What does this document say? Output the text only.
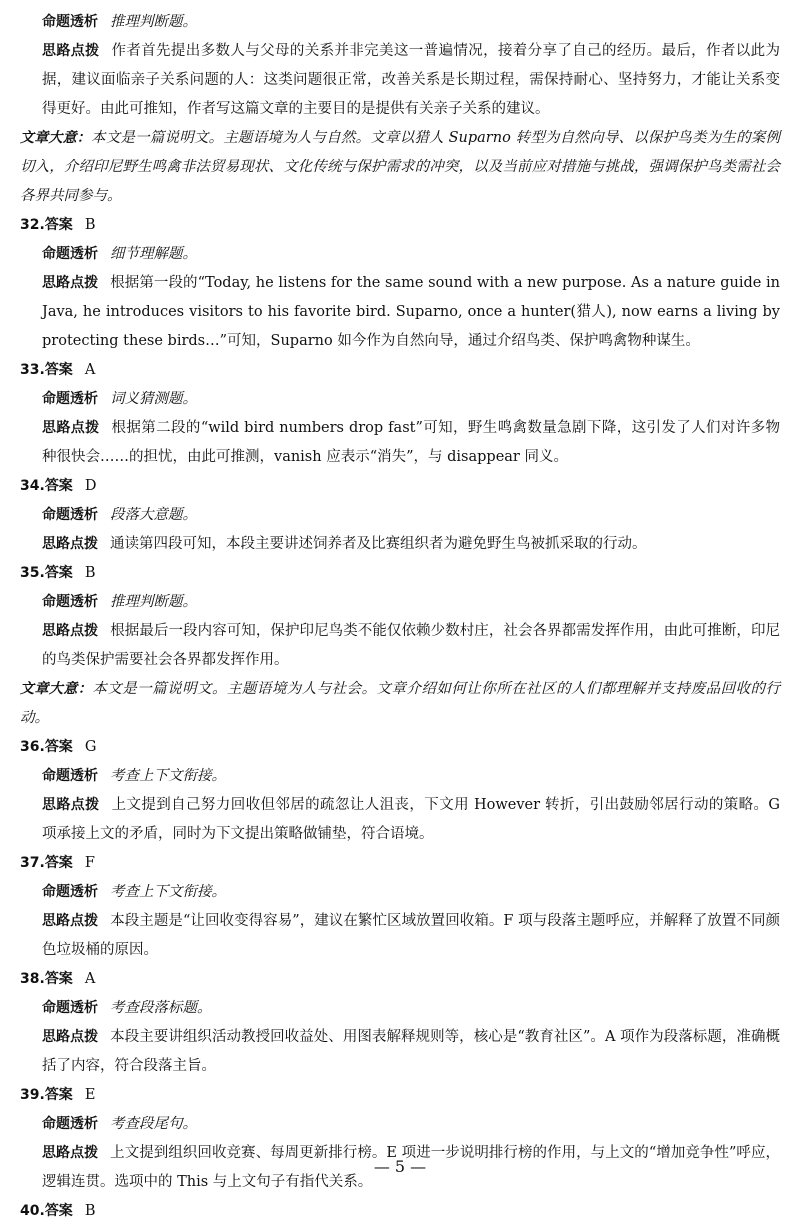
命题透析 推理判断题。
思路点拨 作者首先提出多数人与父母的关系并非完美这一普遍情况，接着分享了自己的经历。最后，作者以此为据，建议面临亲子关系问题的人：这类问题很正常，改善关系是长期过程，需保持耐心、坚持努力，才能让关系变得更好。由此可推知，作者写这篇文章的主要目的是提供有关亲子关系的建议。
文章大意：本文是一篇说明文。主题语境为人与自然。文章以猎人 Suparno 转型为自然向导、以保护鸟类为生的案例切入，介绍印尼野生鸣禽非法贸易现状、文化传统与保护需求的冲突，以及当前应对措施与挑战，强调保护鸟类需社会各界共同参与。
32.答案 B
命题透析 细节理解题。
思路点拨 根据第一段的“Today, he listens for the same sound with a new purpose. As a nature guide in Java, he introduces visitors to his favorite bird. Suparno, once a hunter(猎人), now earns a living by protecting these birds…”可知，Suparno 如今作为自然向导，通过介绍鸟类、保护鸣禽物种谋生。
33.答案 A
命题透析 词义猜测题。
思路点拨 根据第二段的“wild bird numbers drop fast”可知，野生鸣禽数量急剧下降，这引发了人们对许多物种很快会……的担忧，由此可推测，vanish 应表示“消失”，与 disappear 同义。
34.答案 D
命题透析 段落大意题。
思路点拨 通读第四段可知，本段主要讲述饲养者及比赛组织者为避免野生鸟被抓采取的行动。
35.答案 B
命题透析 推理判断题。
思路点拨 根据最后一段内容可知，保护印尼鸟类不能仅依赖少数村庄，社会各界都需发挥作用，由此可推断，印尼的鸟类保护需要社会各界都发挥作用。
文章大意：本文是一篇说明文。主题语境为人与社会。文章介绍如何让你所在社区的人们都理解并支持废品回收的行动。
36.答案 G
命题透析 考查上下文衔接。
思路点拨 上文提到自己努力回收但邻居的疏忽让人沮丧，下文用 However 转折，引出鼓励邻居行动的策略。G 项承接上文的矛盾，同时为下文提出策略做铺垫，符合语境。
37.答案 F
命题透析 考查上下文衔接。
思路点拨 本段主题是“让回收变得容易”，建议在繁忙区域放置回收箱。F 项与段落主题呼应，并解释了放置不同颜色垃圾桶的原因。
38.答案 A
命题透析 考查段落标题。
思路点拨 本段主要讲组织活动教授回收益处、用图表解释规则等，核心是“教育社区”。A 项作为段落标题，准确概括了内容，符合段落主旨。
39.答案 E
命题透析 考查段尾句。
思路点拨 上文提到组织回收竞赛、每周更新排行榜。E 项进一步说明排行榜的作用，与上文的“增加竞争性”呼应，逻辑连贯。选项中的 This 与上文句子有指代关系。
40.答案 B
— 5 —
